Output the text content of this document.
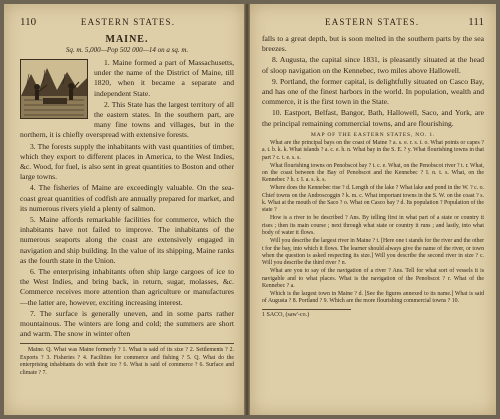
110	EASTERN STATES.
MAINE.
Sq. m. 5,000—Pop 502 000—14 on a sq. m.

1. Maine formed a part of Massachusetts, under the name of the District of Maine, till 1820, when it became a separate and independent State.

2. This State has the largest territory of all the eastern states. In the southern part, are many fine towns and villages, but in the northern, it is chiefly overspread with extensive forests.

3. The forests supply the inhabitants with vast quantities of timber, which they export to different places in America, to the West Indies, &c. Wood, for fuel, is also sent in great quantities to Boston and other large towns.

4. The fisheries of Maine are exceedingly valuable. On the sea-coast great quantities of codfish are annually prepared for market, and its numerous rivers yield a plenty of salmon.

5. Maine affords remarkable facilities for commerce, which the inhabitants have not failed to improve. The inhabitants of the numerous seaports along the coast are extensively engaged in navigation and ship building. In the value of its shipping, Maine ranks as the fourth state in the Union.

6. The enterprising inhabitants often ship large cargoes of ice to the West Indies, and bring back, in return, sugar, molasses, &c. Commerce receives more attention than agriculture or manufactures—the latter are, however, exciting increasing interest.

7. The surface is generally uneven, and in some parts rather mountainous. The winters are long and cold; the summers are short and warm. The snow in winter often

Maine. Q. What was Maine formerly ? 1. What is said of its size ? 2. Settlements ? 2. Exports ? 3. Fisheries ? 4. Facilities for commerce and fishing ? 5. Q. What do the enterprising inhabitants do with their ice ? 6. What is said of commerce ? 6. Surface and climate ? 7.

EASTERN STATES.	111

falls to a great depth, but is soon melted in the southern parts by the sea breezes.

8. Augusta, the capital since 1831, is pleasantly situated at the head of sloop navigation on the Kennebec, two miles above Hallowell.

9. Portland, the former capital, is delightfully situated on Casco Bay, and has one of the finest harbors in the world. In population, wealth and commerce, it is the first town in the State.

10. Eastport, Belfast, Bangor, Bath, Hallowell, Saco, and York, are the principal remaining commercial towns, and are flourishing.

MAP OF THE EASTERN STATES, NO. 1.

What are the principal bays on the coast of Maine ? a. s. e. r. s. t. o. What points or capes ? a. t. b. k. k. What islands ? a. c. e. h. n. What bay in the S. E. ? y. What flourishing towns in that part ? c. t. e. s. s.

What flourishing towns on Penobscot bay ? t. c. e. What, on the Penobscot river ? t. r. What, on the coast between the Bay of Penobscot and the Kennebec ? I. n. t. s. What, on the Kennebec ? h. r. I. a. s. k. s.

Where does the Kennebec rise ? d. Length of the lake ? What lake and pond in the W. ? c. o. Chief towns on the Androscoggin ? k. m. c. What important towns in the S. W. on the coast ? s. k. What at the mouth of the Saco ? o. What on Casco bay ? d. Its population ? Population of the state ?

How is a river to be described ? Ans. By telling first in what part of a state or country it rises ; then its main course ; next through what state or country it runs ; and lastly, into what body of water it flows.

Will you describe the largest river in Maine ? t. [Here one t stands for the river and the other t for the bay, into which it flows. The learner should always give the name of the river, or town when the question is asked respecting its size.] Will you describe the second river in size ? c. Will you describe the third river ? n.

What are you to say of the navigation of a river ? Ans. Tell for what sort of vessels it is navigable and to what places. What is the navigation of the Penobscot ? r. What of the Kennebec ? a.

Which is the largest town in Maine ? d. [See the figures annexed to its name.] What is said of Augusta ? 8. Portland ? 9. Which are the more flourishing commercial towns ? 10.

1 SACO, (saw'-co.)
